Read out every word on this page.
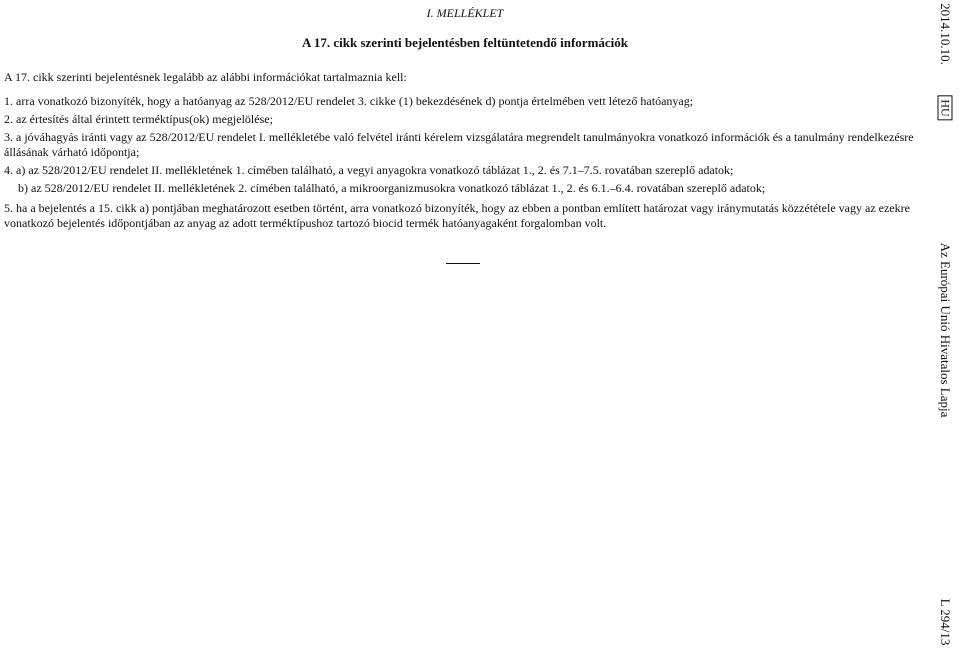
I. MELLÉKLET
A 17. cikk szerinti bejelentésben feltüntetendő információk
A 17. cikk szerinti bejelentésnek legalább az alábbi információkat tartalmaznia kell:
1. arra vonatkozó bizonyíték, hogy a hatóanyag az 528/2012/EU rendelet 3. cikke (1) bekezdésének d) pontja értelmében vett létező hatóanyag;
2. az értesítés által érintett terméktípus(ok) megjelölése;
3. a jóváhagyás iránti vagy az 528/2012/EU rendelet I. mellékletébe való felvétel iránti kérelem vizsgálatára megrendelt tanulmányokra vonatkozó információk és a tanulmány rendelkezésre állásának várható időpontja;
4. a) az 528/2012/EU rendelet II. mellékletének 1. címében található, a vegyi anyagokra vonatkozó táblázat 1., 2. és 7.1–7.5. rovatában szereplő adatok;
b) az 528/2012/EU rendelet II. mellékletének 2. címében található, a mikroorganizmusokra vonatkozó táblázat 1., 2. és 6.1.–6.4. rovatában szereplő adatok;
5. ha a bejelentés a 15. cikk a) pontjában meghatározott esetben történt, arra vonatkozó bizonyíték, hogy az ebben a pontban említett határozat vagy iránymutatás közzététele vagy az ezekre vonatkozó bejelentés időpontjában az anyag az adott terméktípushoz tartozó biocid termék hatóanyagaként forgalomban volt.
2014.10.10.
HU
Az Európai Unió Hivatalos Lapja
L 294/13
